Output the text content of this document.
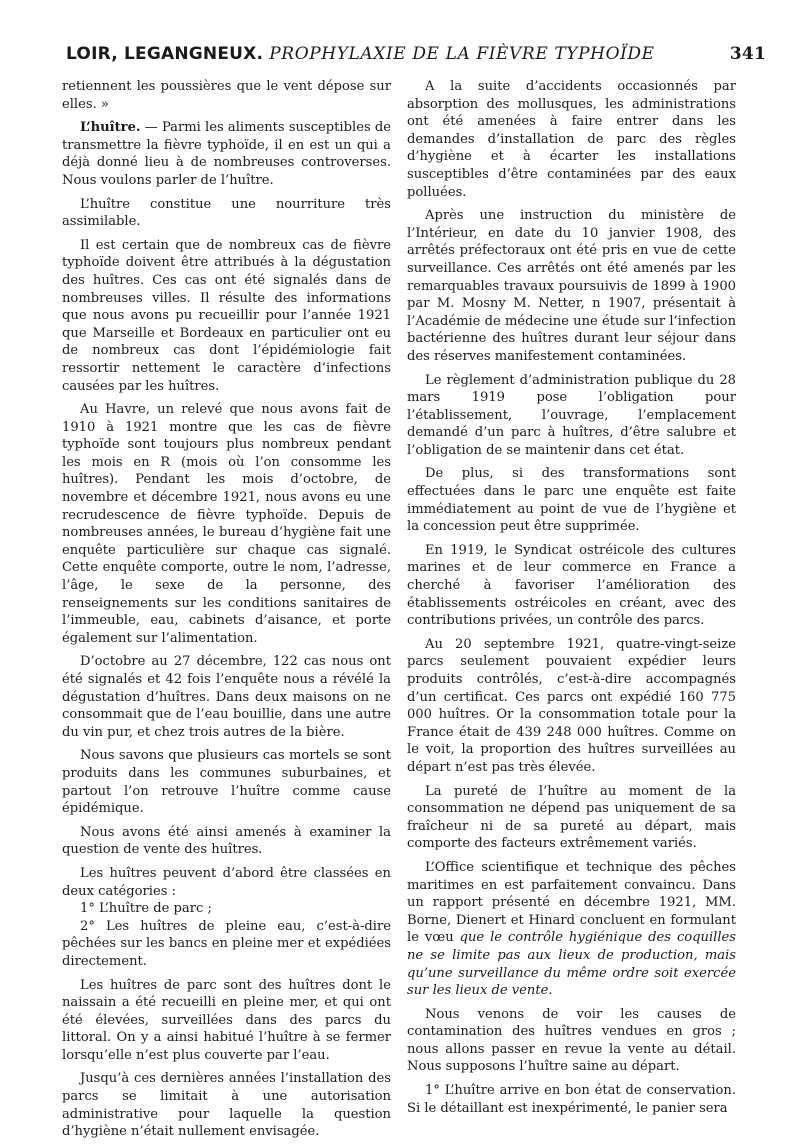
LOIR, LEGANGNEUX. PROPHYLAXIE DE LA FIÈVRE TYPHOÏDE	341

retiennent les poussières que le vent dépose sur elles. »

L’huître. — Parmi les aliments susceptibles de transmettre la fièvre typhoïde, il en est un qui a déjà donné lieu à de nombreuses controverses. Nous voulons parler de l’huître.

L’huître constitue une nourriture très assimilable.

Il est certain que de nombreux cas de fièvre typhoïde doivent être attribués à la dégustation des huîtres. Ces cas ont été signalés dans de nombreuses villes. Il résulte des informations que nous avons pu recueillir pour l’année 1921 que Marseille et Bordeaux en particulier ont eu de nombreux cas dont l’épidémiologie fait ressortir nettement le caractère d’infections causées par les huîtres.

Au Havre, un relevé que nous avons fait de 1910 à 1921 montre que les cas de fièvre typhoïde sont toujours plus nombreux pendant les mois en R (mois où l’on consomme les huîtres). Pendant les mois d’octobre, de novembre et décembre 1921, nous avons eu une recrudescence de fièvre typhoïde. Depuis de nombreuses années, le bureau d’hygiène fait une enquête particulière sur chaque cas signalé. Cette enquête comporte, outre le nom, l’adresse, l’âge, le sexe de la personne, des renseignements sur les conditions sanitaires de l’immeuble, eau, cabinets d’aisance, et porte également sur l’alimentation.

D’octobre au 27 décembre, 122 cas nous ont été signalés et 42 fois l’enquête nous a révélé la dégustation d’huîtres. Dans deux maisons on ne consommait que de l’eau bouillie, dans une autre du vin pur, et chez trois autres de la bière.

Nous savons que plusieurs cas mortels se sont produits dans les communes suburbaines, et partout l’on retrouve l’huître comme cause épidémique.

Nous avons été ainsi amenés à examiner la question de vente des huîtres.

Les huîtres peuvent d’abord être classées en deux catégories :

1° L’huître de parc ;

2° Les huîtres de pleine eau, c’est-à-dire pêchées sur les bancs en pleine mer et expédiées directement.

Les huîtres de parc sont des huîtres dont le naissain a été recueilli en pleine mer, et qui ont été élevées, surveillées dans des parcs du littoral. On y a ainsi habitué l’huître à se fermer lorsqu’elle n’est plus couverte par l’eau.

Jusqu’à ces dernières années l’installation des parcs se limitait à une autorisation administrative pour laquelle la question d’hygiène n’était nullement envisagée.

A la suite d’accidents occasionnés par absorption des mollusques, les administrations ont été amenées à faire entrer dans les demandes d’installation de parc des règles d’hygiène et à écarter les installations susceptibles d’être contaminées par des eaux polluées.

Après une instruction du ministère de l’Intérieur, en date du 10 janvier 1908, des arrêtés préfectoraux ont été pris en vue de cette surveillance. Ces arrêtés ont été amenés par les remarquables travaux poursuivis de 1899 à 1900 par M. Mosny M. Netter, n 1907, présentait à l’Académie de médecine une étude sur l’infection bactérienne des huîtres durant leur séjour dans des réserves manifestement contaminées.

Le règlement d’administration publique du 28 mars 1919 pose l’obligation pour l’établissement, l’ouvrage, l’emplacement demandé d’un parc à huîtres, d’être salubre et l’obligation de se maintenir dans cet état.

De plus, si des transformations sont effectuées dans le parc une enquête est faite immédiatement au point de vue de l’hygiène et la concession peut être supprimée.

En 1919, le Syndicat ostréicole des cultures marines et de leur commerce en France a cherché à favoriser l’amélioration des établissements ostréicoles en créant, avec des contributions privées, un contrôle des parcs.

Au 20 septembre 1921, quatre-vingt-seize parcs seulement pouvaient expédier leurs produits contrôlés, c’est-à-dire accompagnés d’un certificat. Ces parcs ont expédié 160 775 000 huîtres. Or la consommation totale pour la France était de 439 248 000 huîtres. Comme on le voit, la proportion des huîtres surveillées au départ n’est pas très élevée.

La pureté de l’huître au moment de la consommation ne dépend pas uniquement de sa fraîcheur ni de sa pureté au départ, mais comporte des facteurs extrêmement variés.

L’Office scientifique et technique des pêches maritimes en est parfaitement convaincu. Dans un rapport présenté en décembre 1921, MM. Borne, Dienert et Hinard concluent en formulant le vœu que le contrôle hygiénique des coquilles ne se limite pas aux lieux de production, mais qu’une surveillance du même ordre soit exercée sur les lieux de vente.

Nous venons de voir les causes de contamination des huîtres vendues en gros ; nous allons passer en revue la vente au détail. Nous supposons l’huître saine au départ.

1° L’huître arrive en bon état de conservation. Si le détaillant est inexpérimenté, le panier sera
